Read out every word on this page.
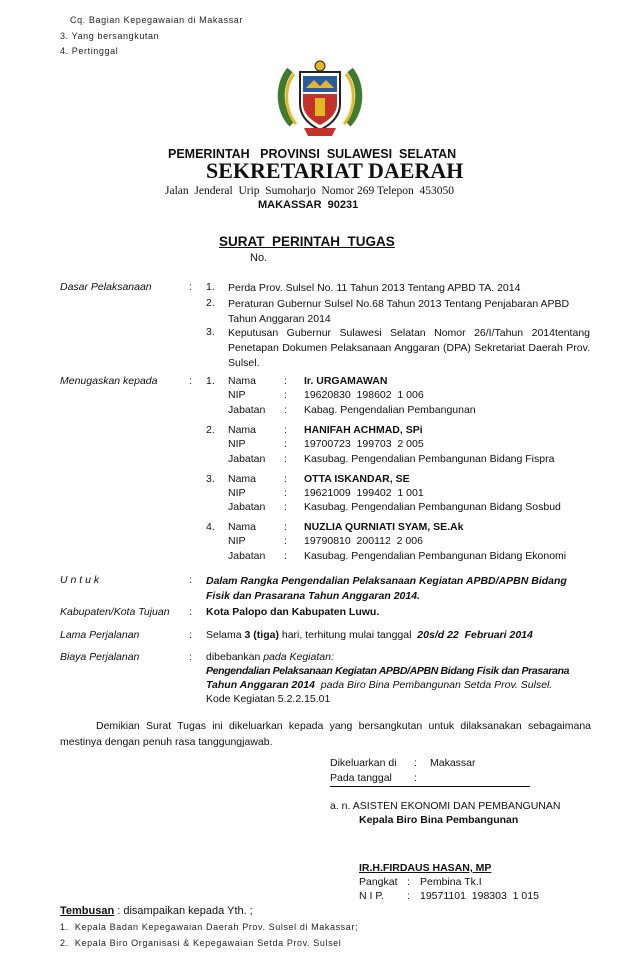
Cq. Bagian Kepegawaian di Makassar
3. Yang bersangkutan
4. Pertinggal
PEMERINTAH   PROVINSI  SULAWESI  SELATAN
SEKRETARIAT DAERAH
Jalan  Jenderal  Urip  Sumoharjo  Nomor 269 Telepon  453050
MAKASSAR  90231
SURAT  PERINTAH  TUGAS
No.
Dasar Pelaksanaan	: 1. Perda Prov. Sulsel No. 11 Tahun 2013 Tentang APBD TA. 2014
2. Peraturan Gubernur Sulsel No.68 Tahun 2013 Tentang Penjabaran APBD Tahun Anggaran 2014
3. Keputusan Gubernur Sulawesi Selatan Nomor 26/I/Tahun 2014tentang Penetapan Dokumen Pelaksanaan Anggaran (DPA) Sekretariat Daerah Prov. Sulsel.
Menugaskan kepada	: 1. Nama	: Ir. URGAMAWAN
NIP	: 19620830  198602  1 006
Jabatan : Kabag. Pengendalian Pembangunan
2. Nama	: HANIFAH ACHMAD, SPi
NIP	: 19700723  199703  2 005
Jabatan : Kasubag. Pengendalian Pembangunan Bidang Fispra
3. Nama	: OTTA ISKANDAR, SE
NIP	: 19621009  199402  1 001
Jabatan : Kasubag. Pengendalian Pembangunan Bidang Sosbud
4. Nama	: NUZLIA QURNIATI SYAM, SE.Ak
NIP	: 19790810  200112  2 006
Jabatan : Kasubag. Pengendalian Pembangunan Bidang Ekonomi
U n t u k	: Dalam Rangka Pengendalian Pelaksanaan Kegiatan APBD/APBN Bidang Fisik dan Prasarana Tahun Anggaran 2014.
Kabupaten/Kota Tujuan	: Kota Palopo dan Kabupaten Luwu.
Lama Perjalanan	: Selama 3 (tiga) hari, terhitung mulai tanggal  20s/d 22  Februari 2014
Biaya Perjalanan	: dibebankan pada Kegiatan:
Pengendalian Pelaksanaan Kegiatan APBD/APBN Bidang Fisik dan Prasarana
Tahun Anggaran 2014  pada Biro Bina Pembangunan Setda Prov. Sulsel.
Kode Kegiatan 5.2.2.15.01
Demikian Surat Tugas ini dikeluarkan kepada yang bersangkutan untuk dilaksanakan sebagaimana mestinya dengan penuh rasa tanggungjawab.
Dikeluarkan di : Makassar
Pada tanggal :
a. n. ASISTEN EKONOMI DAN PEMBANGUNAN
Kepala Biro Bina Pembangunan
IR.H.FIRDAUS HASAN, MP
Pangkat : Pembina Tk.I
N I P. : 19571101  198303  1 015
Tembusan : disampaikan kepada Yth. ;
1.  Kepala Badan Kepegawaian Daerah Prov. Sulsel di Makassar;
2.  Kepala Biro Organisasi & Kepegawaian Setda Prov. Sulsel
